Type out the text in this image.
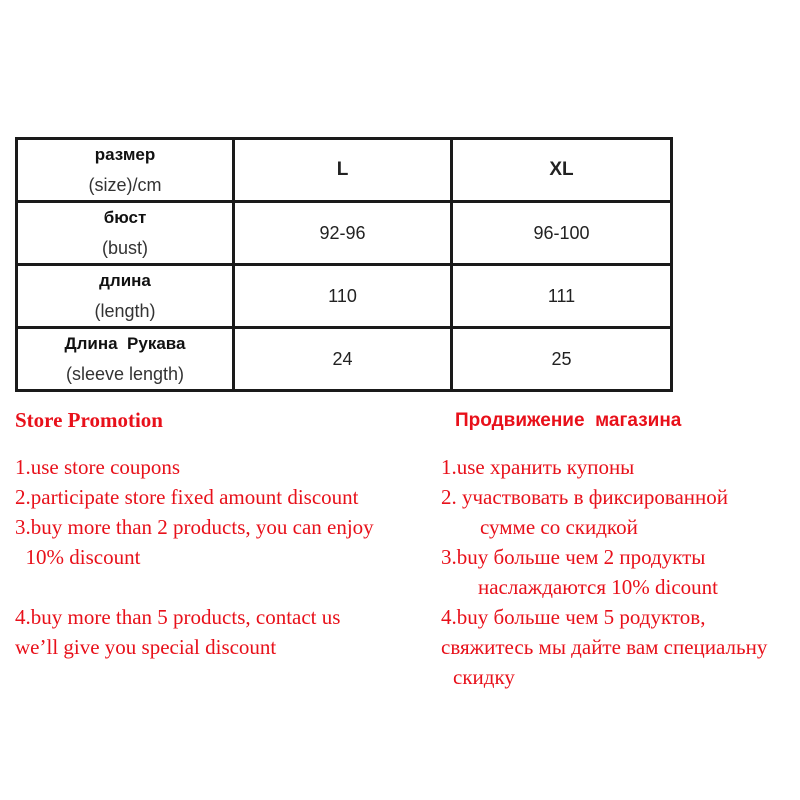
размер
(size)/cm	L	XL

бюст
(bust)	92-96	96-100

длина
(length)	110	111

Длина  Рукава
(sleeve length)	24	25
Store Promotion
1.use store coupons
2.participate store fixed amount discount
3.buy more than 2 products, you can enjoy
10% discount
4.buy more than 5 products, contact us
we’ll give you special discount
Продвижение  магазина
1.use хранить купоны
2. участвовать в фиксированной
сумме со скидкой
3.buy больше чем 2 продукты
наслаждаются 10% dicount
4.buy больше чем 5 родуктов,
свяжитесь мы дайте вам специальну
скидку
